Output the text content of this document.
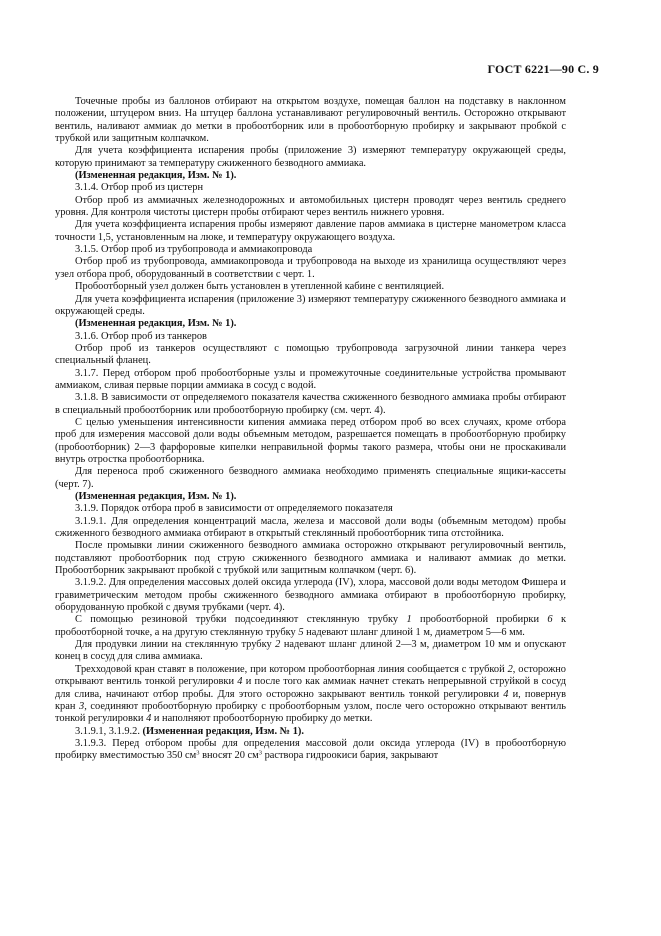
ГОСТ 6221—90 С. 9

Точечные пробы из баллонов отбирают на открытом воздухе, помещая баллон на подставку в наклонном положении, штуцером вниз. На штуцер баллона устанавливают регулировочный вентиль. Осторожно открывают вентиль, наливают аммиак до метки в пробоотборник или в пробоотборную пробирку и закрывают пробкой с трубкой или защитным колпачком.

Для учета коэффициента испарения пробы (приложение 3) измеряют температуру окружающей среды, которую принимают за температуру сжиженного безводного аммиака.

(Измененная редакция, Изм. № 1).

3.1.4. Отбор проб из цистерн

Отбор проб из аммиачных железнодорожных и автомобильных цистерн проводят через вентиль среднего уровня. Для контроля чистоты цистерн пробы отбирают через вентиль нижнего уровня.

Для учета коэффициента испарения пробы измеряют давление паров аммиака в цистерне манометром класса точности 1,5, установленным на люке, и температуру окружающего воздуха.

3.1.5. Отбор проб из трубопровода и аммиакопровода

Отбор проб из трубопровода, аммиакопровода и трубопровода на выходе из хранилища осуществляют через узел отбора проб, оборудованный в соответствии с черт. 1.

Пробоотборный узел должен быть установлен в утепленной кабине с вентиляцией.

Для учета коэффициента испарения (приложение 3) измеряют температуру сжиженного безводного аммиака и окружающей среды.

(Измененная редакция, Изм. № 1).

3.1.6. Отбор проб из танкеров

Отбор проб из танкеров осуществляют с помощью трубопровода загрузочной линии танкера через специальный фланец.

3.1.7. Перед отбором проб пробоотборные узлы и промежуточные соединительные устройства промывают аммиаком, сливая первые порции аммиака в сосуд с водой.

3.1.8. В зависимости от определяемого показателя качества сжиженного безводного аммиака пробы отбирают в специальный пробоотборник или пробоотборную пробирку (см. черт. 4).

С целью уменьшения интенсивности кипения аммиака перед отбором проб во всех случаях, кроме отбора проб для измерения массовой доли воды объемным методом, разрешается помещать в пробоотборную пробирку (пробоотборник) 2—3 фарфоровые кипелки неправильной формы такого размера, чтобы они не проскакивали внутрь отростка пробоотборника.

Для переноса проб сжиженного безводного аммиака необходимо применять специальные ящики-кассеты (черт. 7).

(Измененная редакция, Изм. № 1).

3.1.9. Порядок отбора проб в зависимости от определяемого показателя

3.1.9.1. Для определения концентраций масла, железа и массовой доли воды (объемным методом) пробы сжиженного безводного аммиака отбирают в открытый стеклянный пробоотборник типа отстойника.

После промывки линии сжиженного безводного аммиака осторожно открывают регулировочный вентиль, подставляют пробоотборник под струю сжиженного безводного аммиака и наливают аммиак до метки. Пробоотборник закрывают пробкой с трубкой или защитным колпачком (черт. 6).

3.1.9.2. Для определения массовых долей оксида углерода (IV), хлора, массовой доли воды методом Фишера и гравиметрическим методом пробы сжиженного безводного аммиака отбирают в пробоотборную пробирку, оборудованную пробкой с двумя трубками (черт. 4).

С помощью резиновой трубки подсоединяют стеклянную трубку 1 пробоотборной пробирки 6 к пробоотборной точке, а на другую стеклянную трубку 5 надевают шланг длиной 1 м, диаметром 5—6 мм.

Для продувки линии на стеклянную трубку 2 надевают шланг длиной 2—3 м, диаметром 10 мм и опускают конец в сосуд для слива аммиака.

Трехходовой кран ставят в положение, при котором пробоотборная линия сообщается с трубкой 2, осторожно открывают вентиль тонкой регулировки 4 и после того как аммиак начнет стекать непрерывной струйкой в сосуд для слива, начинают отбор пробы. Для этого осторожно закрывают вентиль тонкой регулировки 4 и, повернув кран 3, соединяют пробоотборную пробирку с пробоотборным узлом, после чего осторожно открывают вентиль тонкой регулировки 4 и наполняют пробоотборную пробирку до метки.

3.1.9.1, 3.1.9.2. (Измененная редакция, Изм. № 1).

3.1.9.3. Перед отбором пробы для определения массовой доли оксида углерода (IV) в пробоотборную пробирку вместимостью 350 $см^3$ вносят 20 $см^3$ раствора гидроокиси бария, закрывают
